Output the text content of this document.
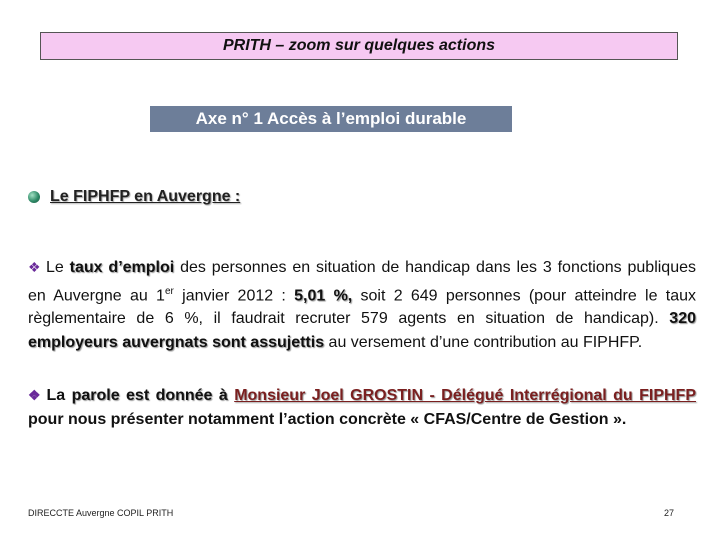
PRITH – zoom sur quelques actions
Axe n° 1 Accès à l’emploi durable
Le FIPHFP en Auvergne :
❖ Le taux d’emploi des personnes en situation de handicap dans les 3 fonctions publiques en Auvergne au 1er janvier 2012 : 5,01 %, soit 2 649 personnes (pour atteindre le taux règlementaire de 6 %, il faudrait recruter 579 agents en situation de handicap). 320 employeurs auvergnats sont assujettis au versement d’une contribution au FIPHFP.
❖ La parole est donnée à Monsieur Joel GROSTIN - Délégué Interrégional du FIPHFP pour nous présenter notamment l’action concrète « CFAS/Centre de Gestion ».
DIRECCTE Auvergne COPIL PRITH	27
